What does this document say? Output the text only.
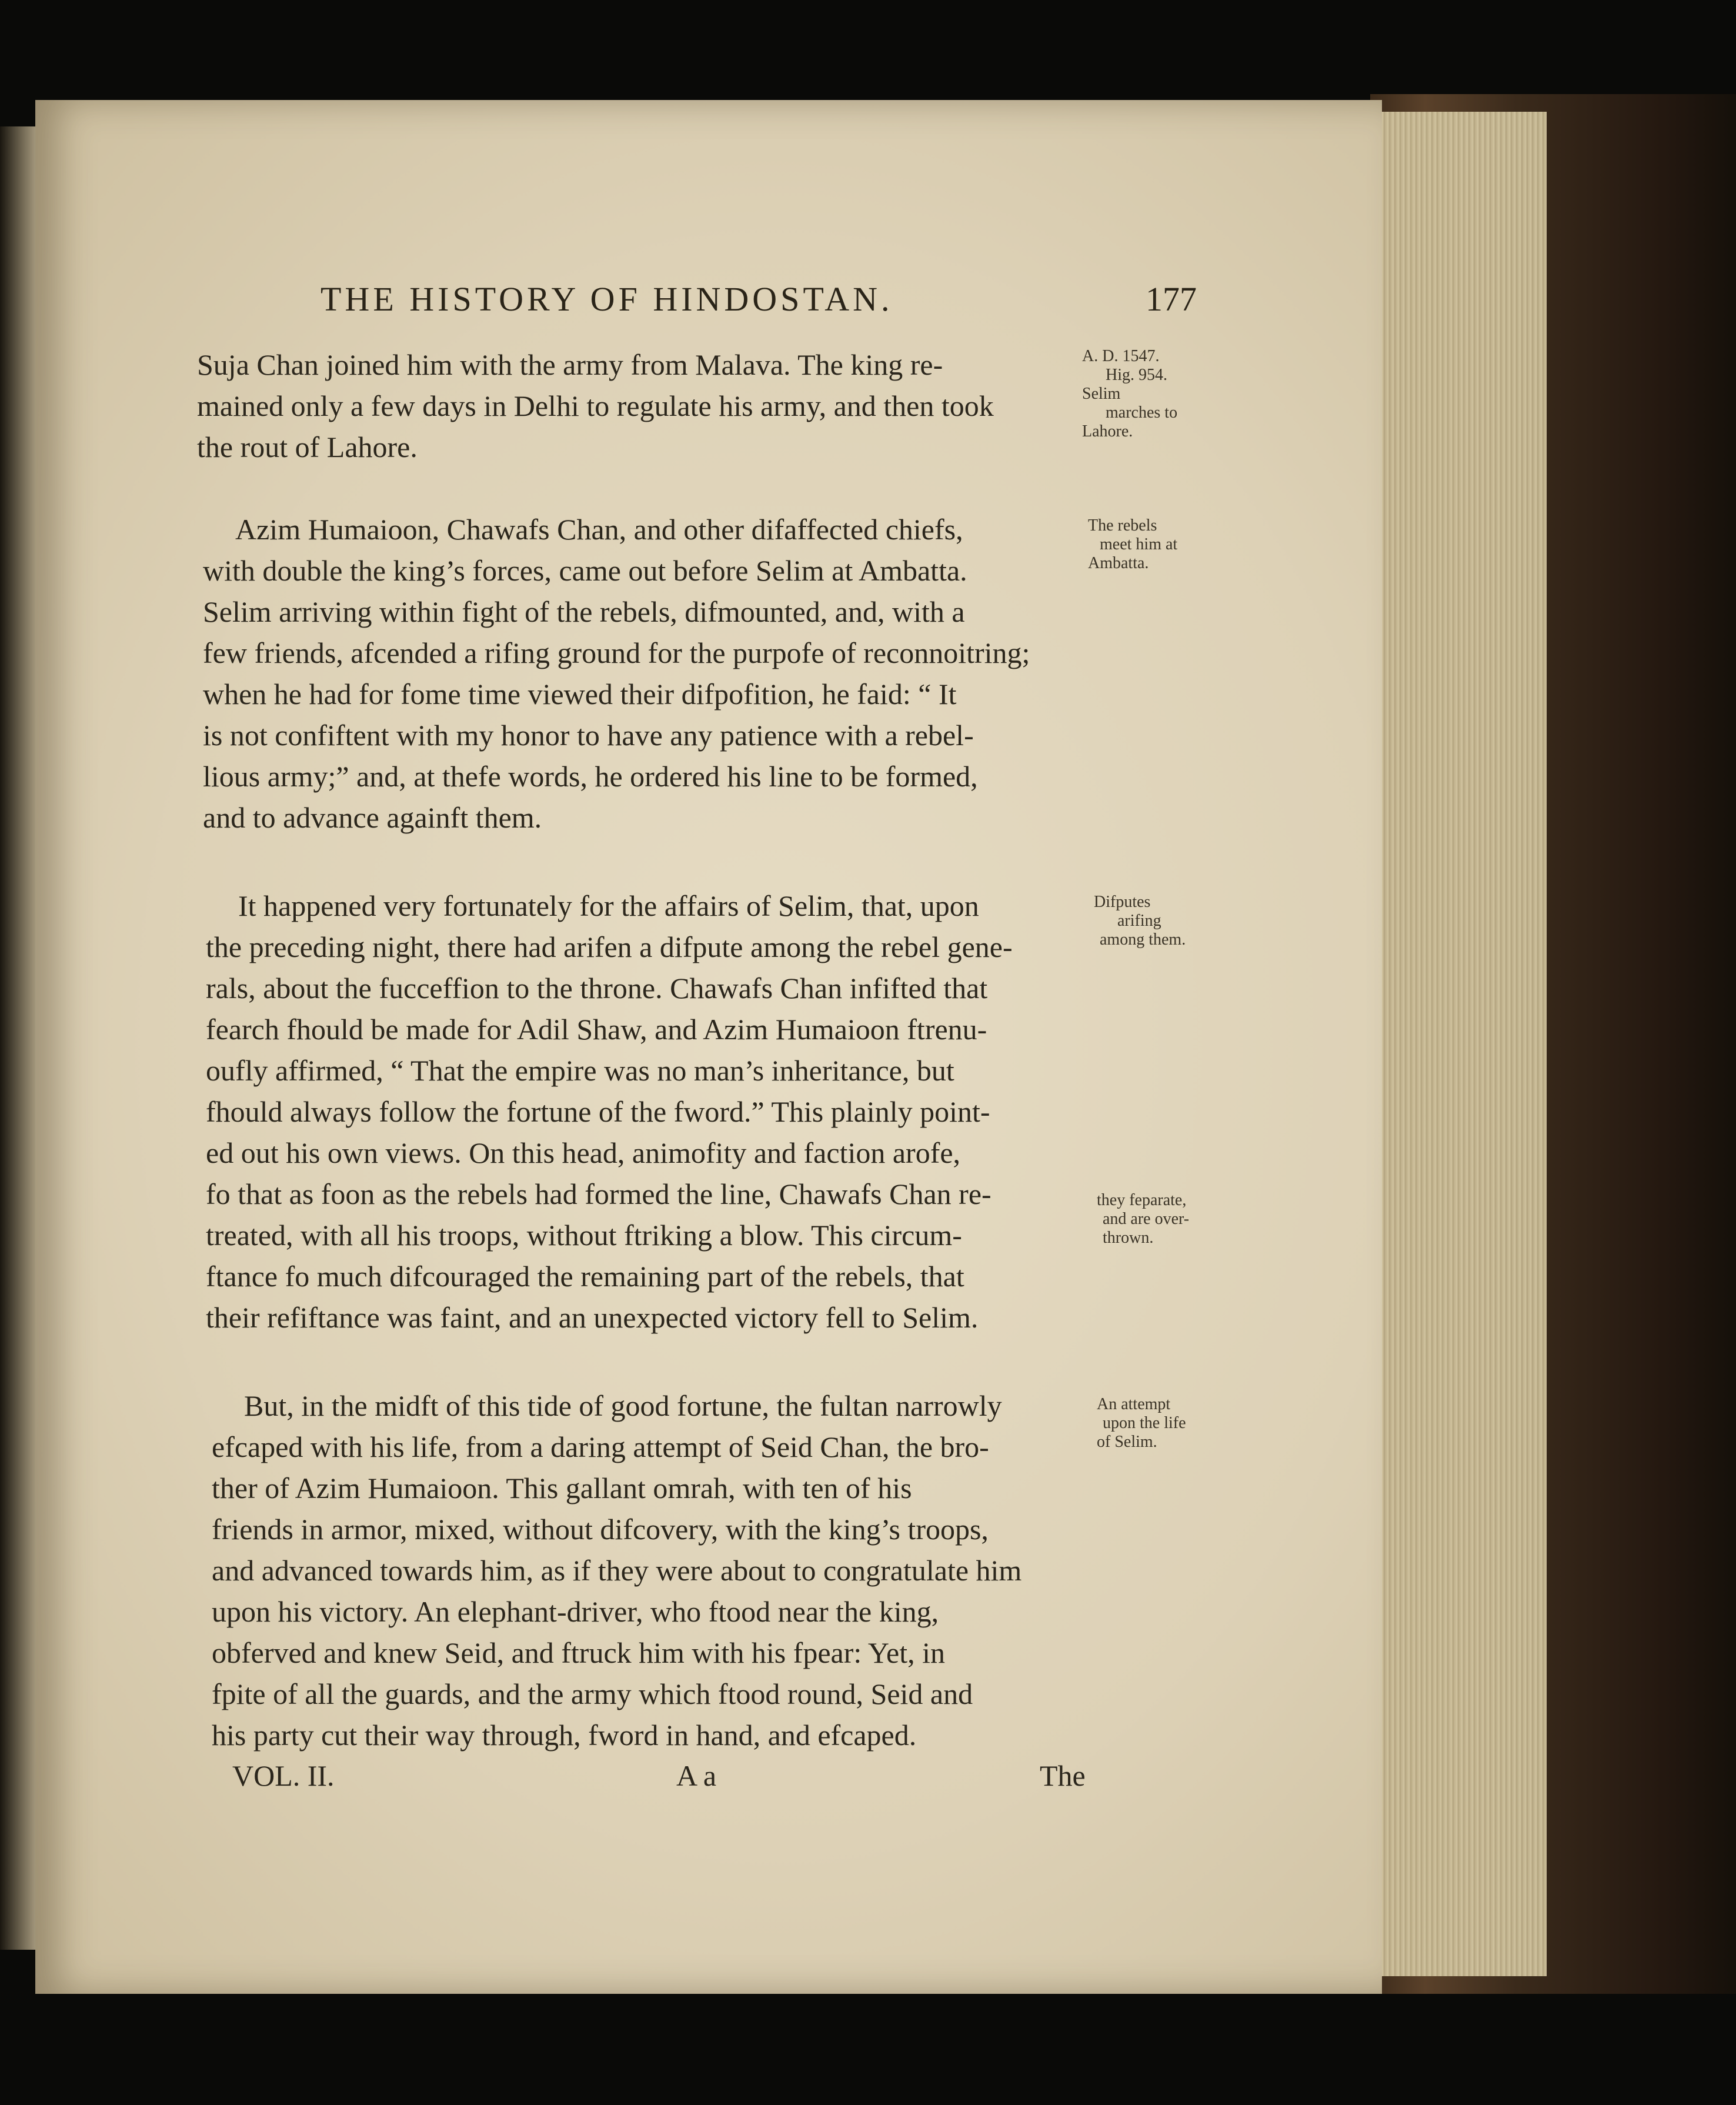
THE HISTORY OF HINDOSTAN.	177
Suja Chan joined him with the army from Malava. The king re-
mained only a few days in Delhi to regulate his army, and then took
the rout of Lahore.
Azim Humaioon, Chawafs Chan, and other difaffected chiefs,
with double the king’s forces, came out before Selim at Ambatta.
Selim arriving within fight of the rebels, difmounted, and, with a
few friends, afcended a rifing ground for the purpofe of reconnoitring;
when he had for fome time viewed their difpofition, he faid: “ It
is not confiftent with my honor to have any patience with a rebel-
lious army;” and, at thefe words, he ordered his line to be formed,
and to advance againft them.
It happened very fortunately for the affairs of Selim, that, upon
the preceding night, there had arifen a difpute among the rebel gene-
rals, about the fucceffion to the throne. Chawafs Chan infifted that
fearch fhould be made for Adil Shaw, and Azim Humaioon ftrenu-
oufly affirmed, “ That the empire was no man’s inheritance, but
fhould always follow the fortune of the fword.” This plainly point-
ed out his own views. On this head, animofity and faction arofe,
fo that as foon as the rebels had formed the line, Chawafs Chan re-
treated, with all his troops, without ftriking a blow. This circum-
ftance fo much difcouraged the remaining part of the rebels, that
their refiftance was faint, and an unexpected victory fell to Selim.
But, in the midft of this tide of good fortune, the fultan narrowly
efcaped with his life, from a daring attempt of Seid Chan, the bro-
ther of Azim Humaioon. This gallant omrah, with ten of his
friends in armor, mixed, without difcovery, with the king’s troops,
and advanced towards him, as if they were about to congratulate him
upon his victory. An elephant-driver, who ftood near the king,
obferved and knew Seid, and ftruck him with his fpear: Yet, in
fpite of all the guards, and the army which ftood round, Seid and
his party cut their way through, fword in hand, and efcaped.
A. D. 1547.
Hig. 954.
Selim
marches to
Lahore.
The rebels
meet him at
Ambatta.
Difputes
arifing
among them.
they feparate,
and are over-
thrown.
An attempt
upon the life
of Selim.
VOL. II.	A a	The
